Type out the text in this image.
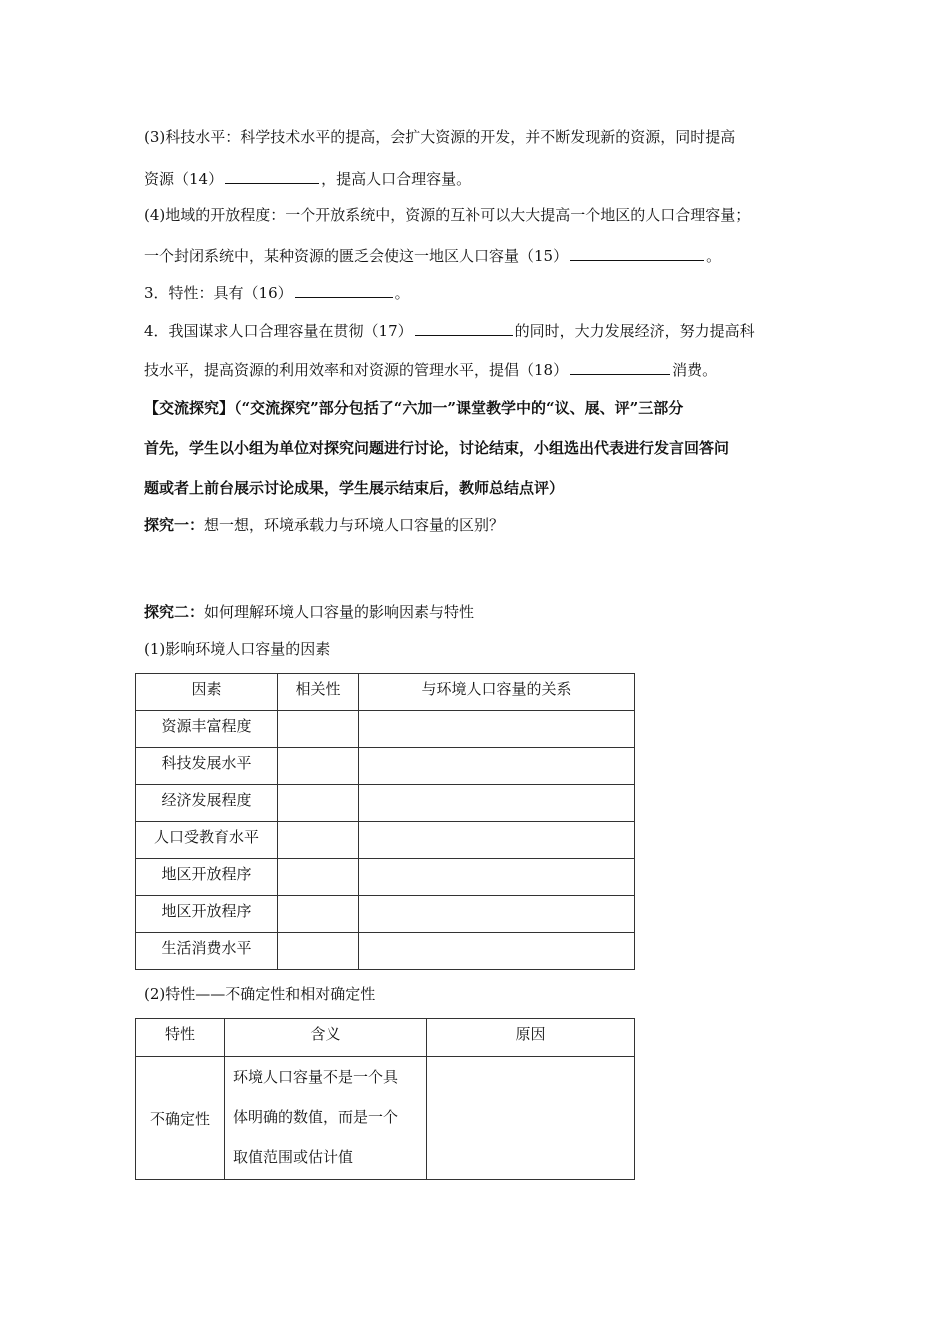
(3)科技水平：科学技术水平的提高，会扩大资源的开发，并不断发现新的资源，同时提高
资源（14）	，提高人口合理容量。
(4)地域的开放程度：一个开放系统中，资源的互补可以大大提高一个地区的人口合理容量；
一个封闭系统中，某种资源的匮乏会使这一地区人口容量（15）	。
3．特性：具有（16）	。
4．我国谋求人口合理容量在贯彻（17）	的同时，大力发展经济，努力提高科
技水平，提高资源的利用效率和对资源的管理水平，提倡（18）	消费。
【交流探究】（“交流探究”部分包括了“六加一”课堂教学中的“议、展、评”三部分
首先，学生以小组为单位对探究问题进行讨论，讨论结束，小组选出代表进行发言回答问
题或者上前台展示讨论成果，学生展示结束后，教师总结点评）
探究一：想一想，环境承载力与环境人口容量的区别？
探究二：如何理解环境人口容量的影响因素与特性
(1)影响环境人口容量的因素
因素	相关性	与环境人口容量的关系
资源丰富程度		
科技发展水平		
经济发展程度		
人口受教育水平		
地区开放程序		
地区开放程序		
生活消费水平		
(2)特性——不确定性和相对确定性
特性	含义	原因
不确定性	环境人口容量不是一个具
体明确的数值，而是一个
取值范围或估计值	
